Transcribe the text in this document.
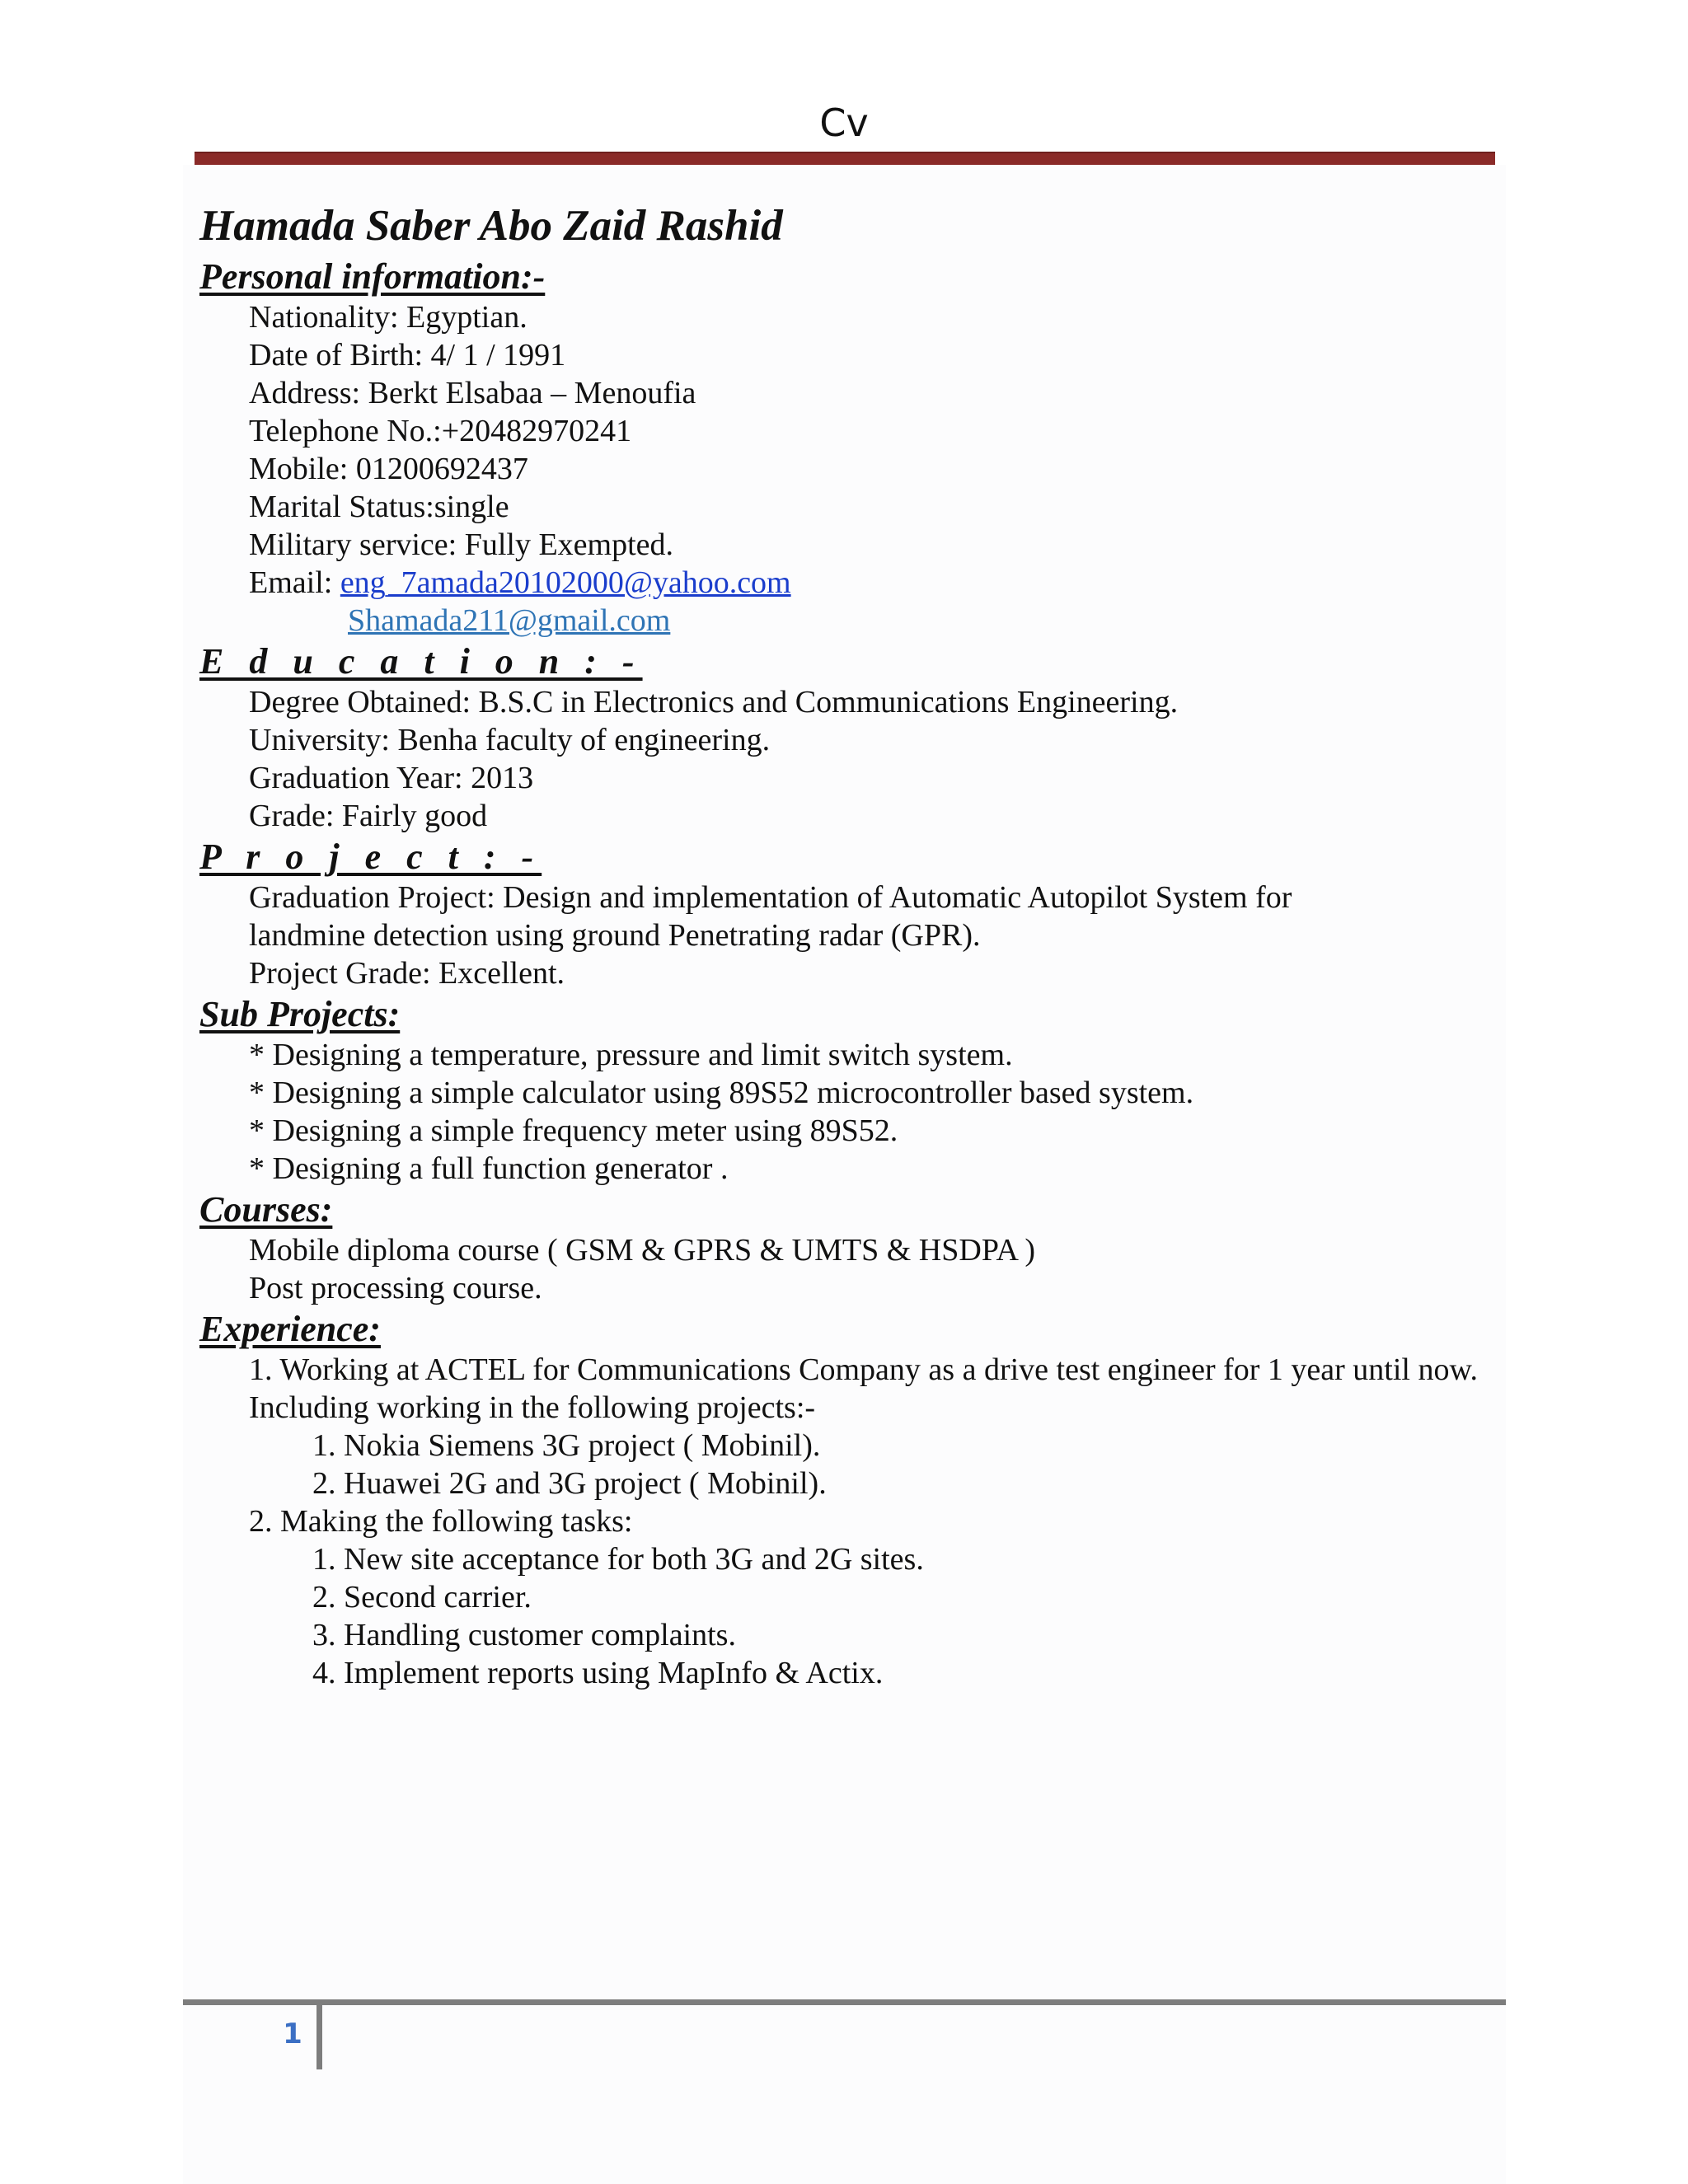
Cv

Hamada Saber Abo Zaid Rashid

Personal information:-

Nationality: Egyptian.

Date of Birth: 4/ 1 / 1991

Address: Berkt Elsabaa – Menoufia

Telephone No.:+20482970241

Mobile: 01200692437

Marital Status:single

Military service: Fully Exempted.

Email: eng_7amada20102000@yahoo.com

Shamada211@gmail.com

E d u c a t i o n : -

Degree Obtained: B.S.C in Electronics and Communications Engineering.

University: Benha faculty of engineering.

Graduation Year: 2013

Grade: Fairly good

P r o j e c t : -

Graduation Project: Design and implementation of Automatic Autopilot System for

landmine detection using ground Penetrating radar (GPR).

Project Grade: Excellent.

Sub Projects:

* Designing a temperature, pressure and limit switch system.

* Designing a simple calculator using 89S52 microcontroller based system.

* Designing a simple frequency meter using 89S52.

* Designing a full function generator .

Courses:

Mobile diploma course ( GSM & GPRS & UMTS & HSDPA )

Post processing course.

Experience:

1. Working at ACTEL for Communications Company as a drive test engineer for 1 year until now.

Including working in the following projects:-

1. Nokia Siemens 3G project ( Mobinil).

2. Huawei 2G and 3G project ( Mobinil).

2. Making the following tasks:

1. New site acceptance for both 3G and 2G sites.

2. Second carrier.

3. Handling customer complaints.

4. Implement reports using MapInfo & Actix.

1
